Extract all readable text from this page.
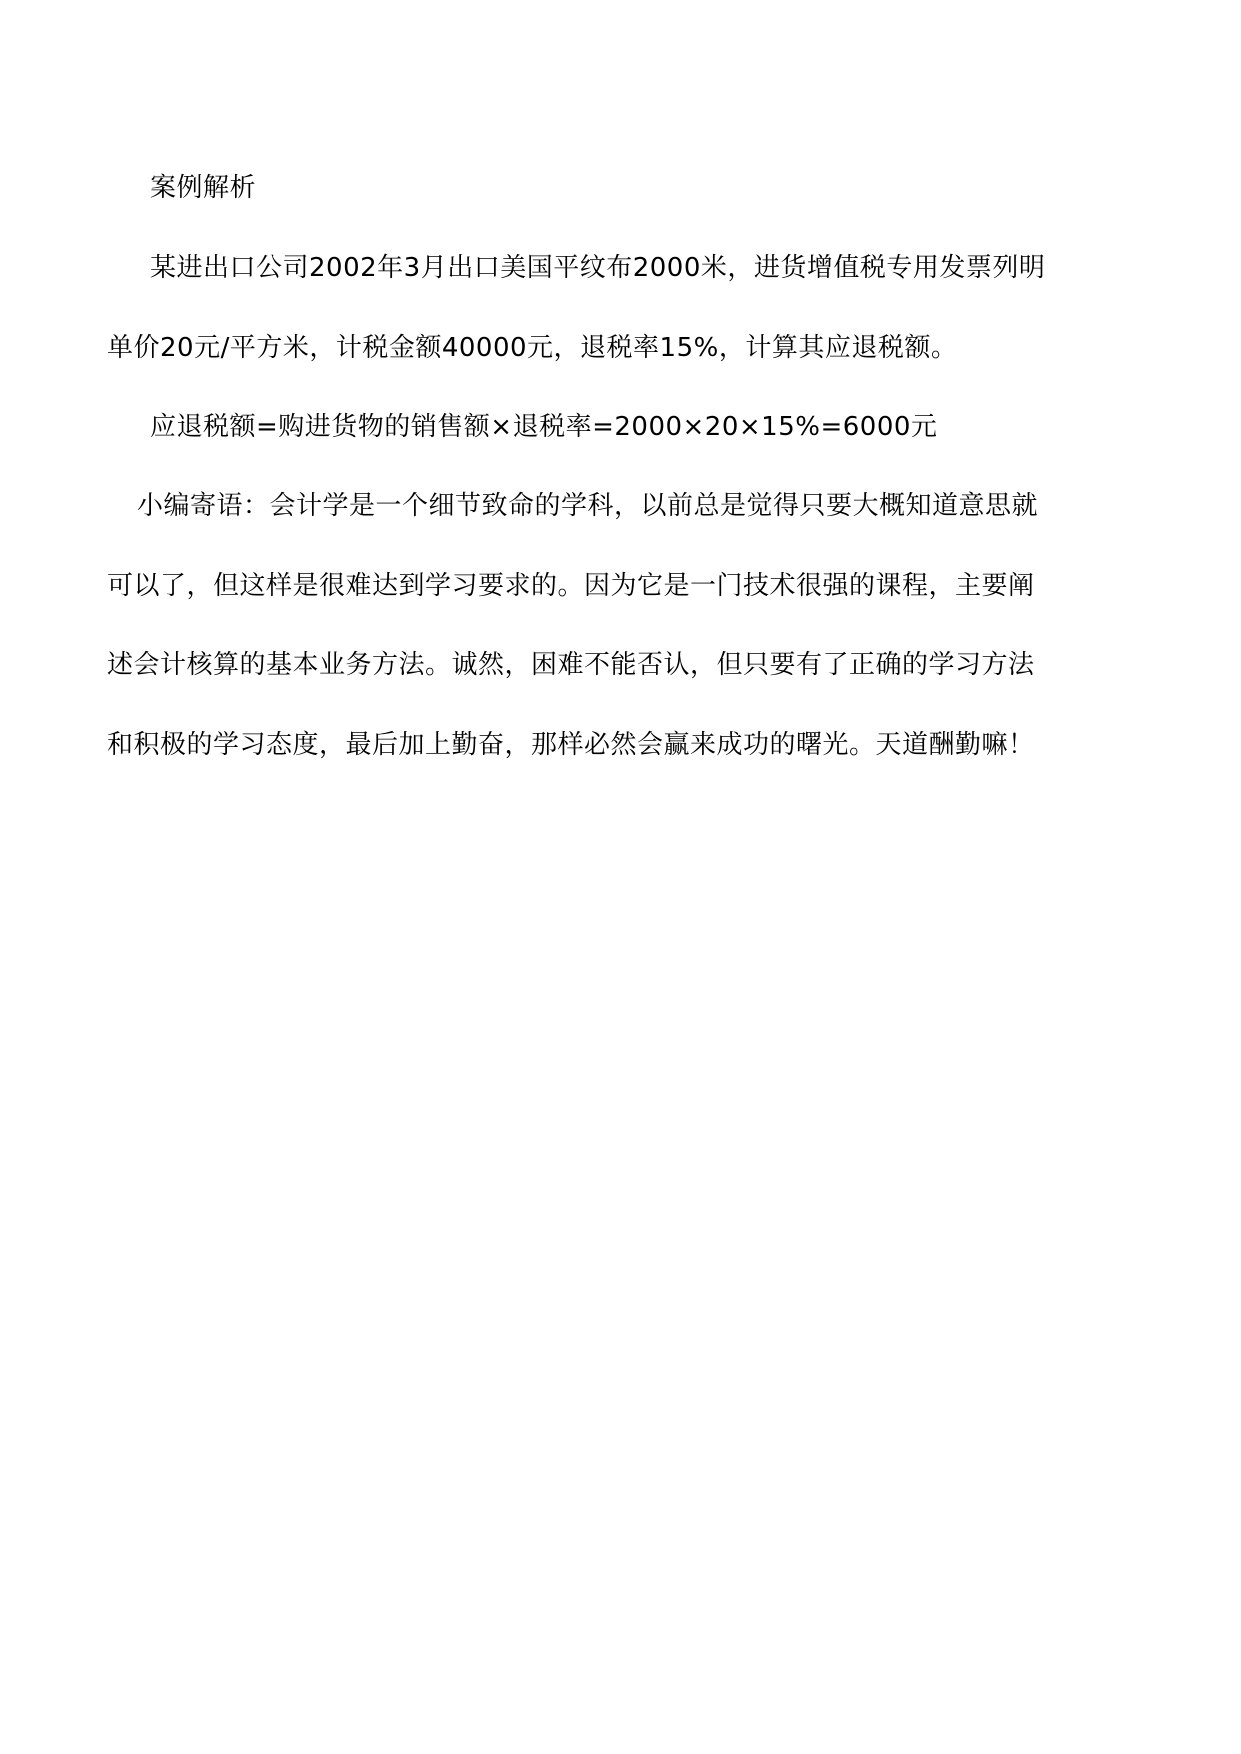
案例解析
某进出口公司2002年3月出口美国平纹布2000米，进货增值税专用发票列明
单价20元/平方米，计税金额40000元，退税率15%，计算其应退税额。
应退税额=购进货物的销售额×退税率=2000×20×15%=6000元
小编寄语：会计学是一个细节致命的学科，以前总是觉得只要大概知道意思就
可以了，但这样是很难达到学习要求的。因为它是一门技术很强的课程，主要阐
述会计核算的基本业务方法。诚然，困难不能否认，但只要有了正确的学习方法
和积极的学习态度，最后加上勤奋，那样必然会赢来成功的曙光。天道酬勤嘛！
